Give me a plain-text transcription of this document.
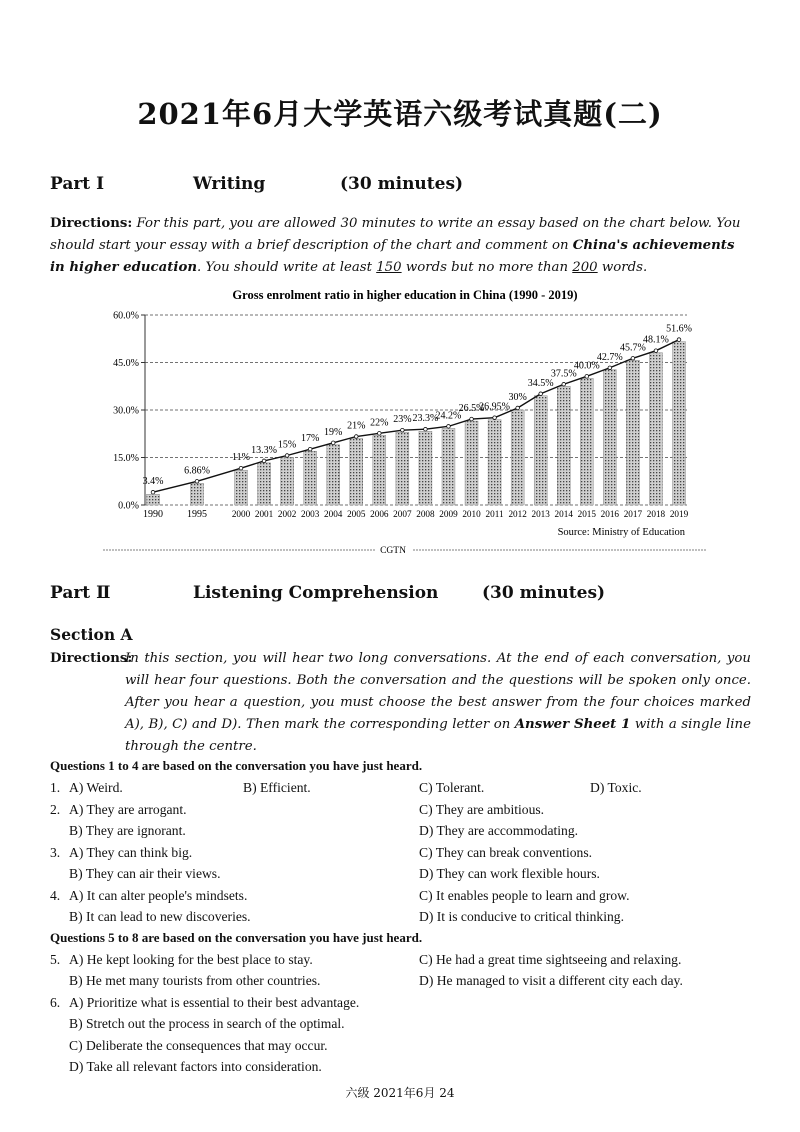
2021年6月大学英语六级考试真题(二)
Part Ⅰ	Writing	(30 minutes)
Directions: For this part, you are allowed 30 minutes to write an essay based on the chart below. You should start your essay with a brief description of the chart and comment on China's achievements in higher education. You should write at least 150 words but no more than 200 words.
Gross enrolment ratio in higher education in China (1990 - 2019)
0.0%
15.0%
30.0%
45.0%
60.0%
1990
3.4%
1995
6.86%
2000
11%
2001
13.3%
2002
15%
2003
17%
2004
19%
2005
21%
2006
22%
2007
23%
2008
23.3%
2009
24.2%
2010
26.5%
2011
26.95%
2012
30%
2013
34.5%
2014
37.5%
2015
40.0%
2016
42.7%
2017
45.7%
2018
48.1%
2019
51.6%
Source: Ministry of Education
CGTN
Part Ⅱ	Listening Comprehension	(30 minutes)
Section A
Directions:
In this section, you will hear two long conversations. At the end of each conversation, you will hear four questions. Both the conversation and the questions will be spoken only once. After you hear a question, you must choose the best answer from the four choices marked A), B), C) and D). Then mark the corresponding letter on Answer Sheet 1 with a single line through the centre.
Questions 1 to 4 are based on the conversation you have just heard.
1. A) Weird.	B) Efficient.	C) Tolerant.	D) Toxic.
2. A) They are arrogant.	C) They are ambitious.
B) They are ignorant.	D) They are accommodating.
3. A) They can think big.	C) They can break conventions.
B) They can air their views.	D) They can work flexible hours.
4. A) It can alter people's mindsets.	C) It enables people to learn and grow.
B) It can lead to new discoveries.	D) It is conducive to critical thinking.
Questions 5 to 8 are based on the conversation you have just heard.
5. A) He kept looking for the best place to stay.	C) He had a great time sightseeing and relaxing.
B) He met many tourists from other countries.	D) He managed to visit a different city each day.
6. A) Prioritize what is essential to their best advantage.
B) Stretch out the process in search of the optimal.
C) Deliberate the consequences that may occur.
D) Take all relevant factors into consideration.
六级 2021年6月 24
